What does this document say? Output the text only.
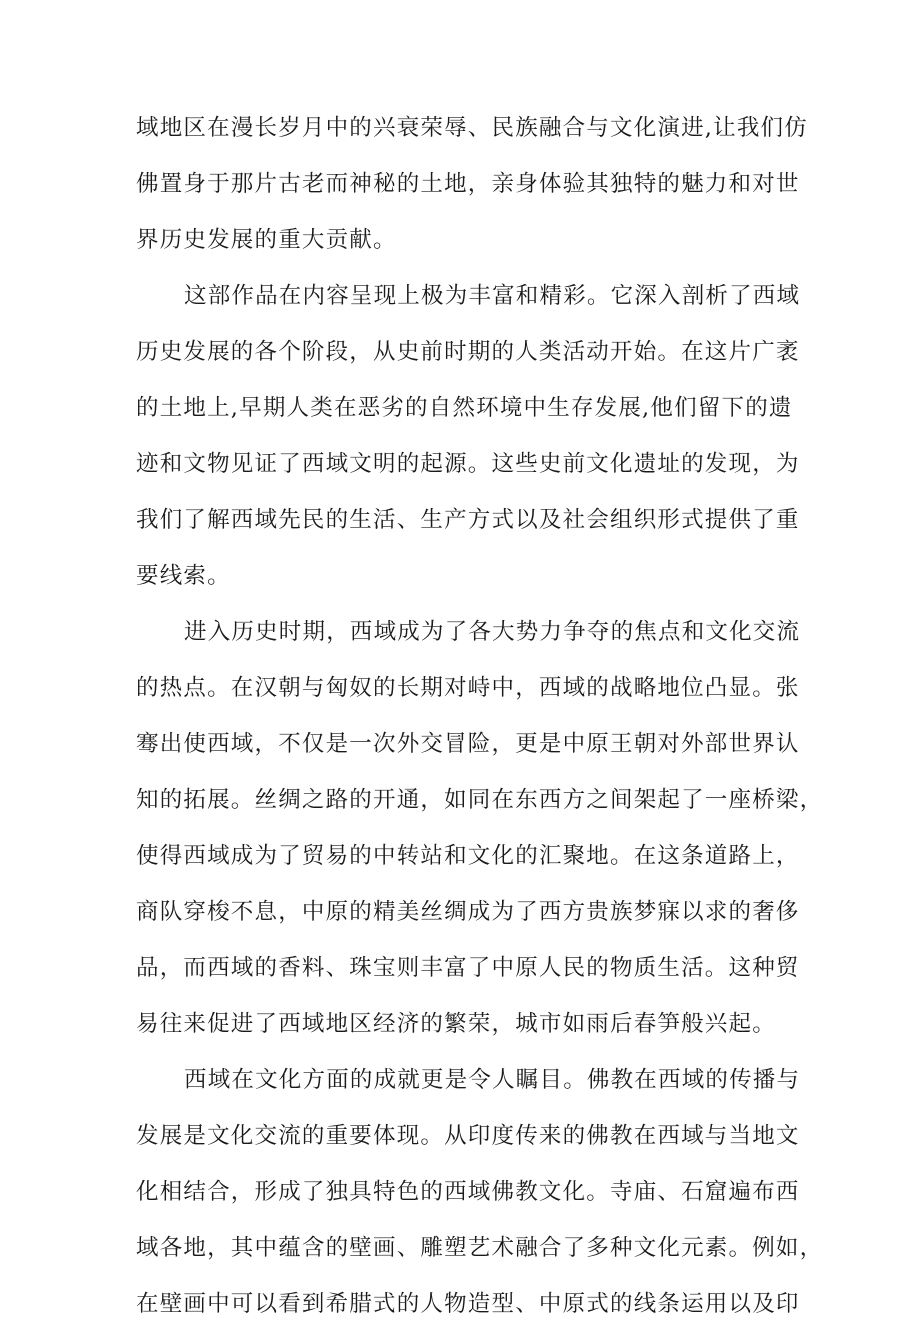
域地区在漫长岁月中的兴衰荣辱、民族融合与文化演进,让我们仿
佛置身于那片古老而神秘的土地，亲身体验其独特的魅力和对世
界历史发展的重大贡献。
这部作品在内容呈现上极为丰富和精彩。它深入剖析了西域
历史发展的各个阶段，从史前时期的人类活动开始。在这片广袤
的土地上,早期人类在恶劣的自然环境中生存发展,他们留下的遗
迹和文物见证了西域文明的起源。这些史前文化遗址的发现，为
我们了解西域先民的生活、生产方式以及社会组织形式提供了重
要线索。
进入历史时期，西域成为了各大势力争夺的焦点和文化交流
的热点。在汉朝与匈奴的长期对峙中，西域的战略地位凸显。张
骞出使西域，不仅是一次外交冒险，更是中原王朝对外部世界认
知的拓展。丝绸之路的开通，如同在东西方之间架起了一座桥梁，
使得西域成为了贸易的中转站和文化的汇聚地。在这条道路上，
商队穿梭不息，中原的精美丝绸成为了西方贵族梦寐以求的奢侈
品，而西域的香料、珠宝则丰富了中原人民的物质生活。这种贸
易往来促进了西域地区经济的繁荣，城市如雨后春笋般兴起。
西域在文化方面的成就更是令人瞩目。佛教在西域的传播与
发展是文化交流的重要体现。从印度传来的佛教在西域与当地文
化相结合，形成了独具特色的西域佛教文化。寺庙、石窟遍布西
域各地，其中蕴含的壁画、雕塑艺术融合了多种文化元素。例如，
在壁画中可以看到希腊式的人物造型、中原式的线条运用以及印
